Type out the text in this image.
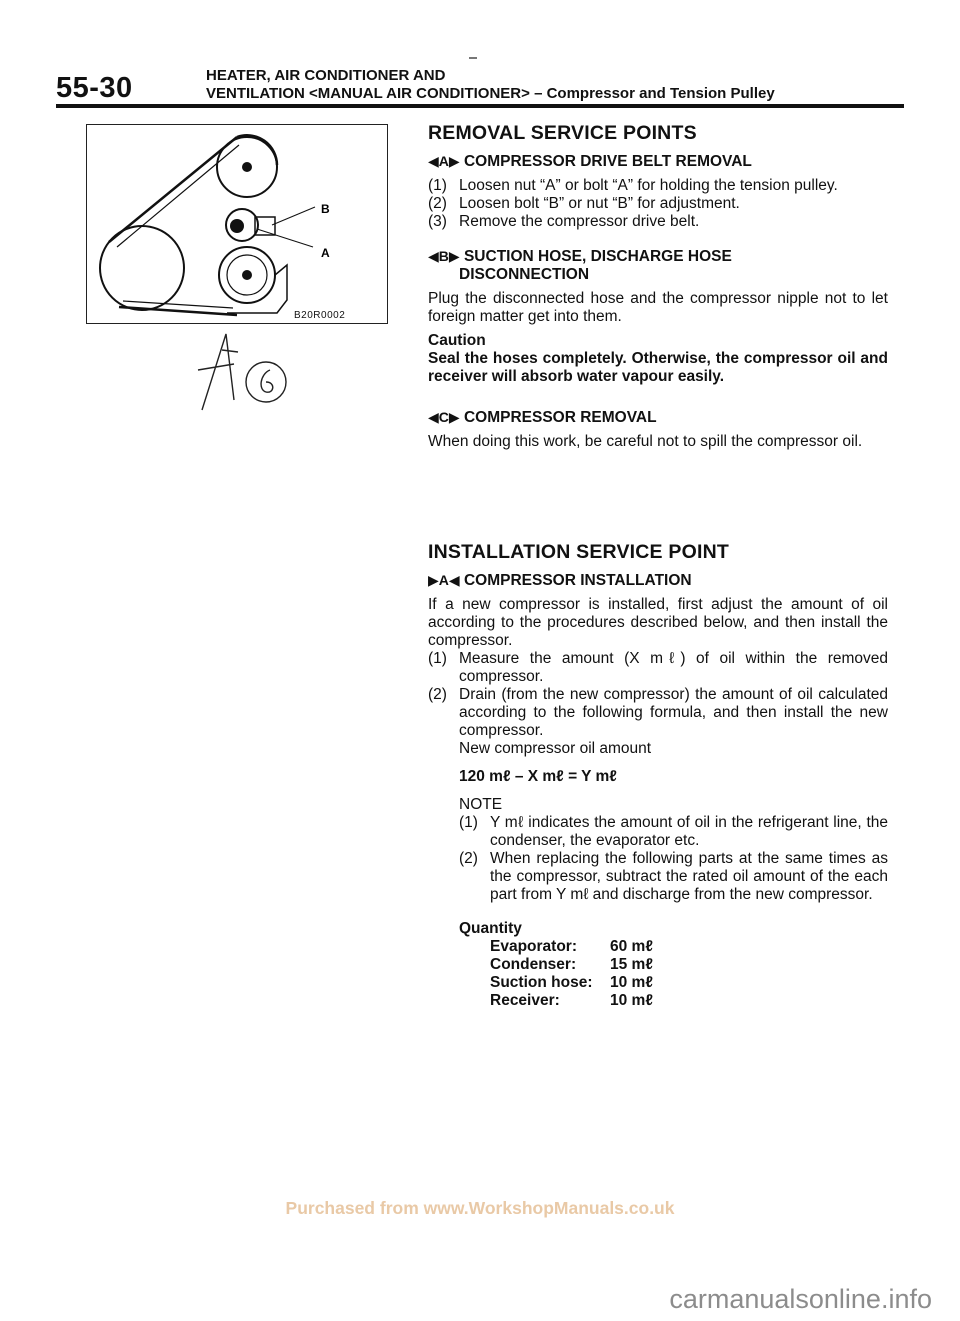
55-30	HEATER, AIR CONDITIONER AND
VENTILATION <MANUAL AIR CONDITIONER> – Compressor and Tension Pulley
B
A
B20R0002
REMOVAL SERVICE POINTS
◀A▶ COMPRESSOR DRIVE BELT REMOVAL
(1) Loosen nut “A” or bolt “A” for holding the tension pulley.
(2) Loosen bolt “B” or nut “B” for adjustment.
(3) Remove the compressor drive belt.
◀B▶ SUCTION HOSE, DISCHARGE HOSE
DISCONNECTION
Plug the disconnected hose and the compressor nipple not to let foreign matter get into them.
Caution
Seal the hoses completely. Otherwise, the compressor oil and receiver will absorb water vapour easily.
◀C▶ COMPRESSOR REMOVAL
When doing this work, be careful not to spill the compressor oil.
INSTALLATION SERVICE POINT
▶A◀ COMPRESSOR INSTALLATION
If a new compressor is installed, first adjust the amount of oil according to the procedures described below, and then install the compressor.
(1) Measure the amount (X mℓ) of oil within the removed compressor.
(2) Drain (from the new compressor) the amount of oil calculated according to the following formula, and then install the new compressor.
New compressor oil amount
120 mℓ – X mℓ = Y mℓ
NOTE
(1) Y mℓ indicates the amount of oil in the refrigerant line, the condenser, the evaporator etc.
(2) When replacing the following parts at the same times as the compressor, subtract the rated oil amount of the each part from Y mℓ and discharge from the new compressor.
Quantity
Evaporator:	60 mℓ
Condenser:	15 mℓ
Suction hose:	10 mℓ
Receiver:	10 mℓ
Purchased from www.WorkshopManuals.co.uk
carmanualsonline.info
